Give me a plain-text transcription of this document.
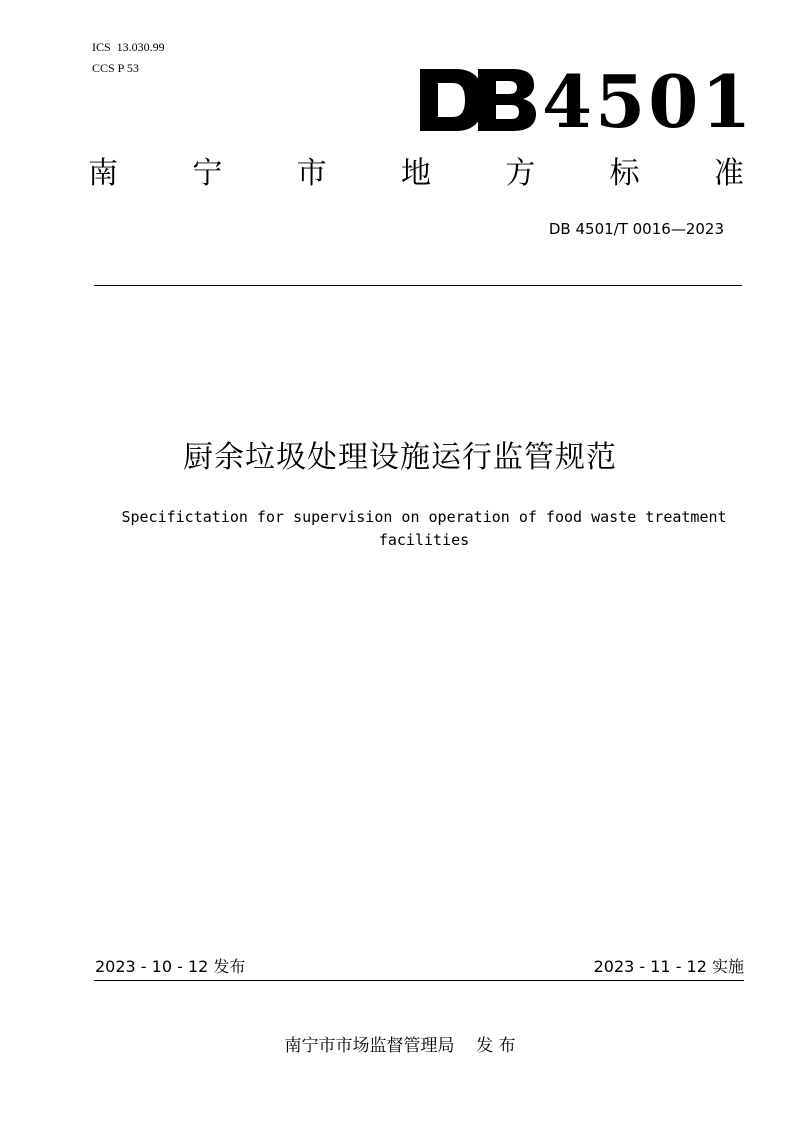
ICS  13.030.99
CCS P 53	4501
南 宁 市 地 方 标 准
DB 4501/T 0016—2023
厨余垃圾处理设施运行监管规范
Specifictation for supervision on operation of food waste treatment facilities
2023 - 10 - 12 发布	2023 - 11 - 12 实施
南宁市市场监督管理局    发 布
